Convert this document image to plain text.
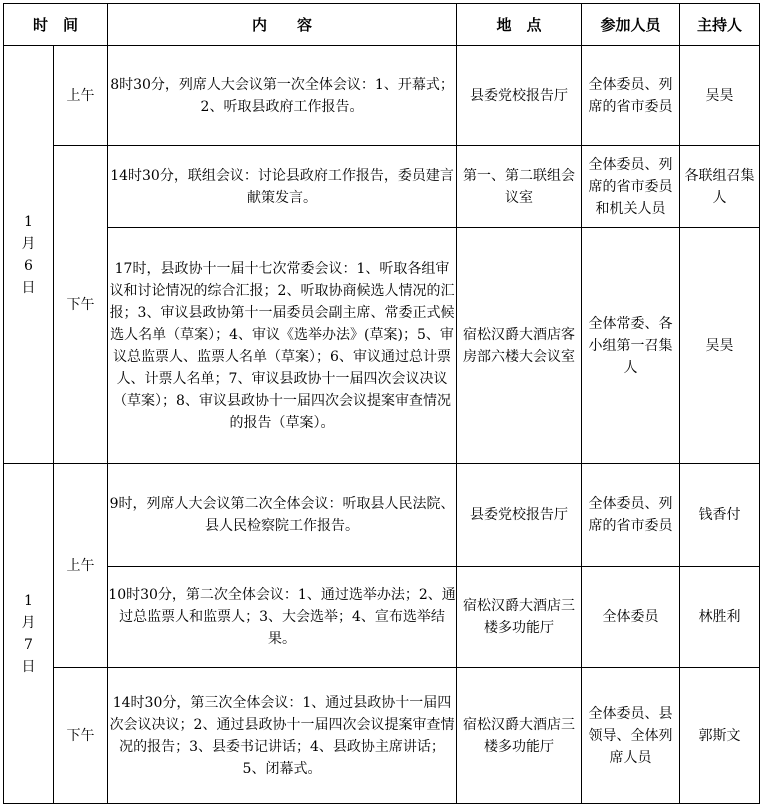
时　间		内　　容	地　点	参加人员	主持人
1月6日	上午	8时30分，列席人大会议第一次全体会议：1、开幕式；2、听取县政府工作报告。	县委党校报告厅	全体委员、列席的省市委员	吴昊
	下午	14时30分，联组会议：讨论县政府工作报告，委员建言献策发言。	第一、第二联组会议室	全体委员、列席的省市委员和机关人员	各联组召集人
		17时，县政协十一届十七次常委会议：1、听取各组审议和讨论情况的综合汇报；2、听取协商候选人情况的汇报；3、审议县政协第十一届委员会副主席、常委正式候选人名单（草案）；4、审议《选举办法》(草案)；5、审议总监票人、监票人名单（草案）；6、审议通过总计票人、计票人名单；7、审议县政协十一届四次会议决议（草案）；8、审议县政协十一届四次会议提案审查情况的报告（草案）。	宿松汉爵大酒店客房部六楼大会议室	全体常委、各小组第一召集人	吴昊
1月7日	上午	9时，列席人大会议第二次全体会议：听取县人民法院、县人民检察院工作报告。	县委党校报告厅	全体委员、列席的省市委员	钱香付
		10时30分，第二次全体会议：1、通过选举办法；2、通过总监票人和监票人；3、大会选举；4、宣布选举结果。	宿松汉爵大酒店三楼多功能厅	全体委员	林胜利
	下午	14时30分，第三次全体会议：1、通过县政协十一届四次会议决议；2、通过县政协十一届四次会议提案审查情况的报告；3、县委书记讲话；4、县政协主席讲话；5、闭幕式。	宿松汉爵大酒店三楼多功能厅	全体委员、县领导、全体列席人员	郭斯文
